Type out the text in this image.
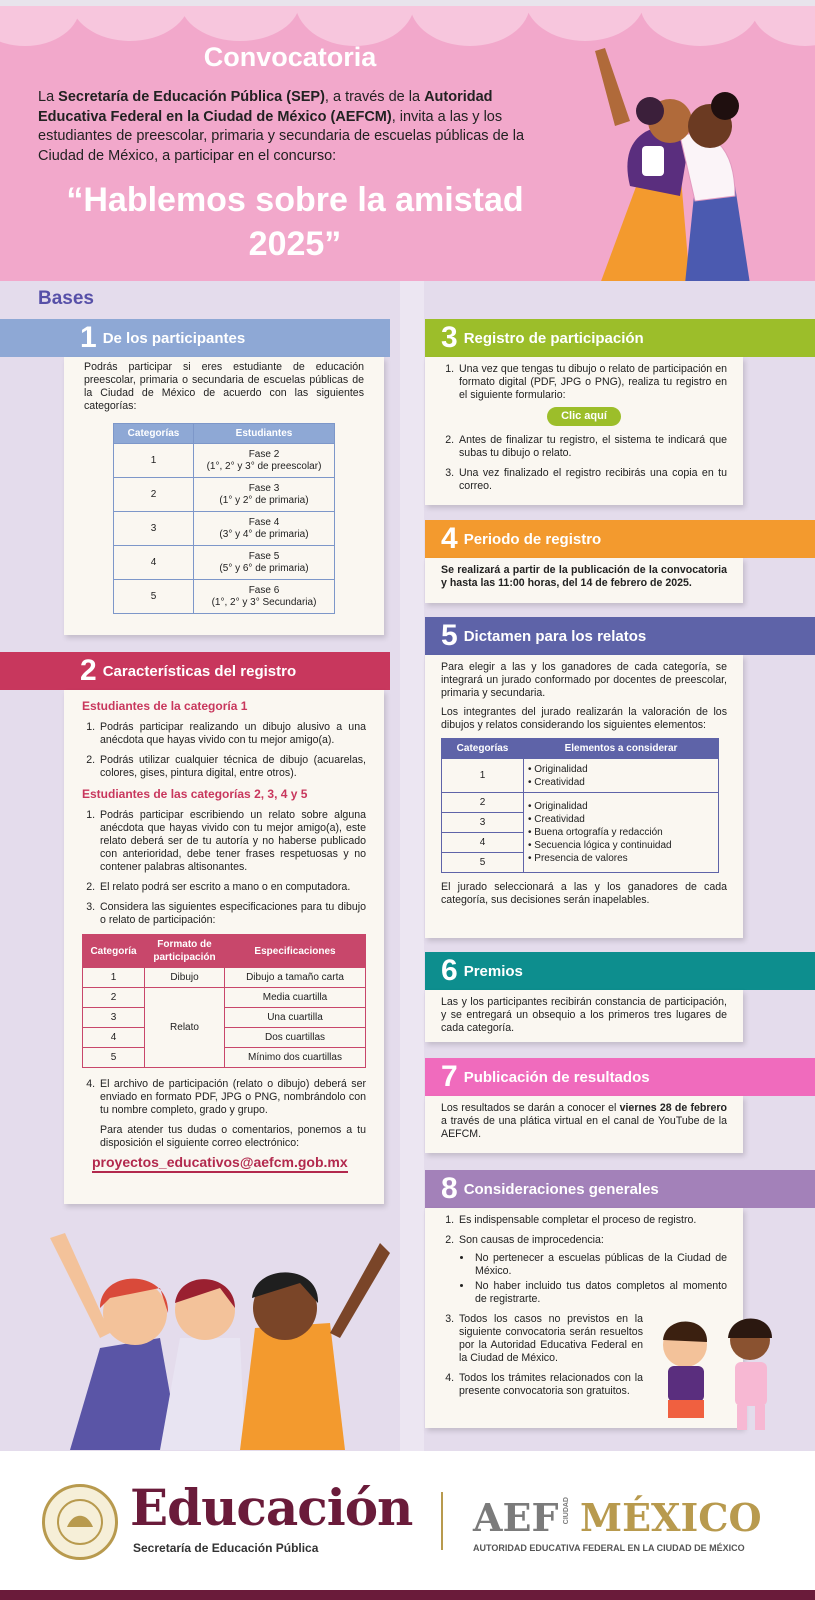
Convocatoria
La Secretaría de Educación Pública (SEP), a través de la Autoridad Educativa Federal en la Ciudad de México (AEFCM), invita a las y los estudiantes de preescolar, primaria y secundaria de escuelas públicas de la Ciudad de México, a participar en el concurso:
“Hablemos sobre la amistad 2025”
Bases
1 De los participantes

Podrás participar si eres estudiante de educación preescolar, primaria o secundaria de escuelas públicas de la Ciudad de México de acuerdo con las siguientes categorías:

Categorías	Estudiantes
1	Fase 2
(1°, 2° y 3° de preescolar)

2	Fase 3
(1° y 2° de primaria)

3	Fase 4
(3° y 4° de primaria)

4	Fase 5
(5° y 6° de primaria)

5	Fase 6
(1°, 2° y 3° Secundaria)
2 Características del registro
Estudiantes de la categoría 1
1. Podrás participar realizando un dibujo alusivo a una anécdota que hayas vivido con tu mejor amigo(a).
2. Podrás utilizar cualquier técnica de dibujo (acuarelas, colores, gises, pintura digital, entre otros).
Estudiantes de las categorías 2, 3, 4 y 5
1. Podrás participar escribiendo un relato sobre alguna anécdota que hayas vivido con tu mejor amigo(a), este relato deberá ser de tu autoría y no haberse publicado con anterioridad, debe tener frases respetuosas y no contener palabras altisonantes.
2. El relato podrá ser escrito a mano o en computadora.
3. Considera las siguientes especificaciones para tu dibujo o relato de participación:
Categoría	Formato de participación	Especificaciones
1	Dibujo	Dibujo a tamaño carta
2	Relato	Media cuartilla
3		Una cuartilla
4		Dos cuartillas
5		Mínimo dos cuartillas
4. El archivo de participación (relato o dibujo) deberá ser enviado en formato PDF, JPG o PNG, nombrándolo con tu nombre completo, grado y grupo.

Para atender tus dudas o comentarios, ponemos a tu disposición el siguiente correo electrónico:

proyectos_educativos@aefcm.gob.mx
3 Registro de participación
1. Una vez que tengas tu dibujo o relato de participación en formato digital (PDF, JPG o PNG), realiza tu registro en el siguiente formulario:
Clic aquí
2. Antes de finalizar tu registro, el sistema te indicará que subas tu dibujo o relato.
3. Una vez finalizado el registro recibirás una copia en tu correo.
4 Periodo de registro

Se realizará a partir de la publicación de la convocatoria y hasta las 11:00 horas, del 14 de febrero de 2025.

5 Dictamen para los relatos

Para elegir a las y los ganadores de cada categoría, se integrará un jurado conformado por docentes de preescolar, primaria y secundaria.

Los integrantes del jurado realizarán la valoración de los dibujos y relatos considerando los siguientes elementos:

Categorías	Elementos a considerar
1	• Originalidad
• Creatividad

2	• Originalidad
• Creatividad
• Buena ortografía y redacción
• Secuencia lógica y continuidad
• Presencia de valores

3	
4	
5	

El jurado seleccionará a las y los ganadores de cada categoría, sus decisiones serán inapelables.

6 Premios

Las y los participantes recibirán constancia de participación, y se entregará un obsequio a los primeros tres lugares de cada categoría.

7 Publicación de resultados

Los resultados se darán a conocer el viernes 28 de febrero a través de una plática virtual en el canal de YouTube de la AEFCM.

8 Consideraciones generales
1. Es indispensable completar el proceso de registro.
2. Son causas de improcedencia:
• No pertenecer a escuelas públicas de la Ciudad de México.
• No haber incluido tus datos completos al momento de registrarte.
3. Todos los casos no previstos en la siguiente convocatoria serán resueltos por la Autoridad Educativa Federal en la Ciudad de México.
4. Todos los trámites relacionados con la presente convocatoria son gratuitos.
Educación
Secretaría de Educación Pública
AEF CIUDAD MÉXICO
AUTORIDAD EDUCATIVA FEDERAL EN LA CIUDAD DE MÉXICO
